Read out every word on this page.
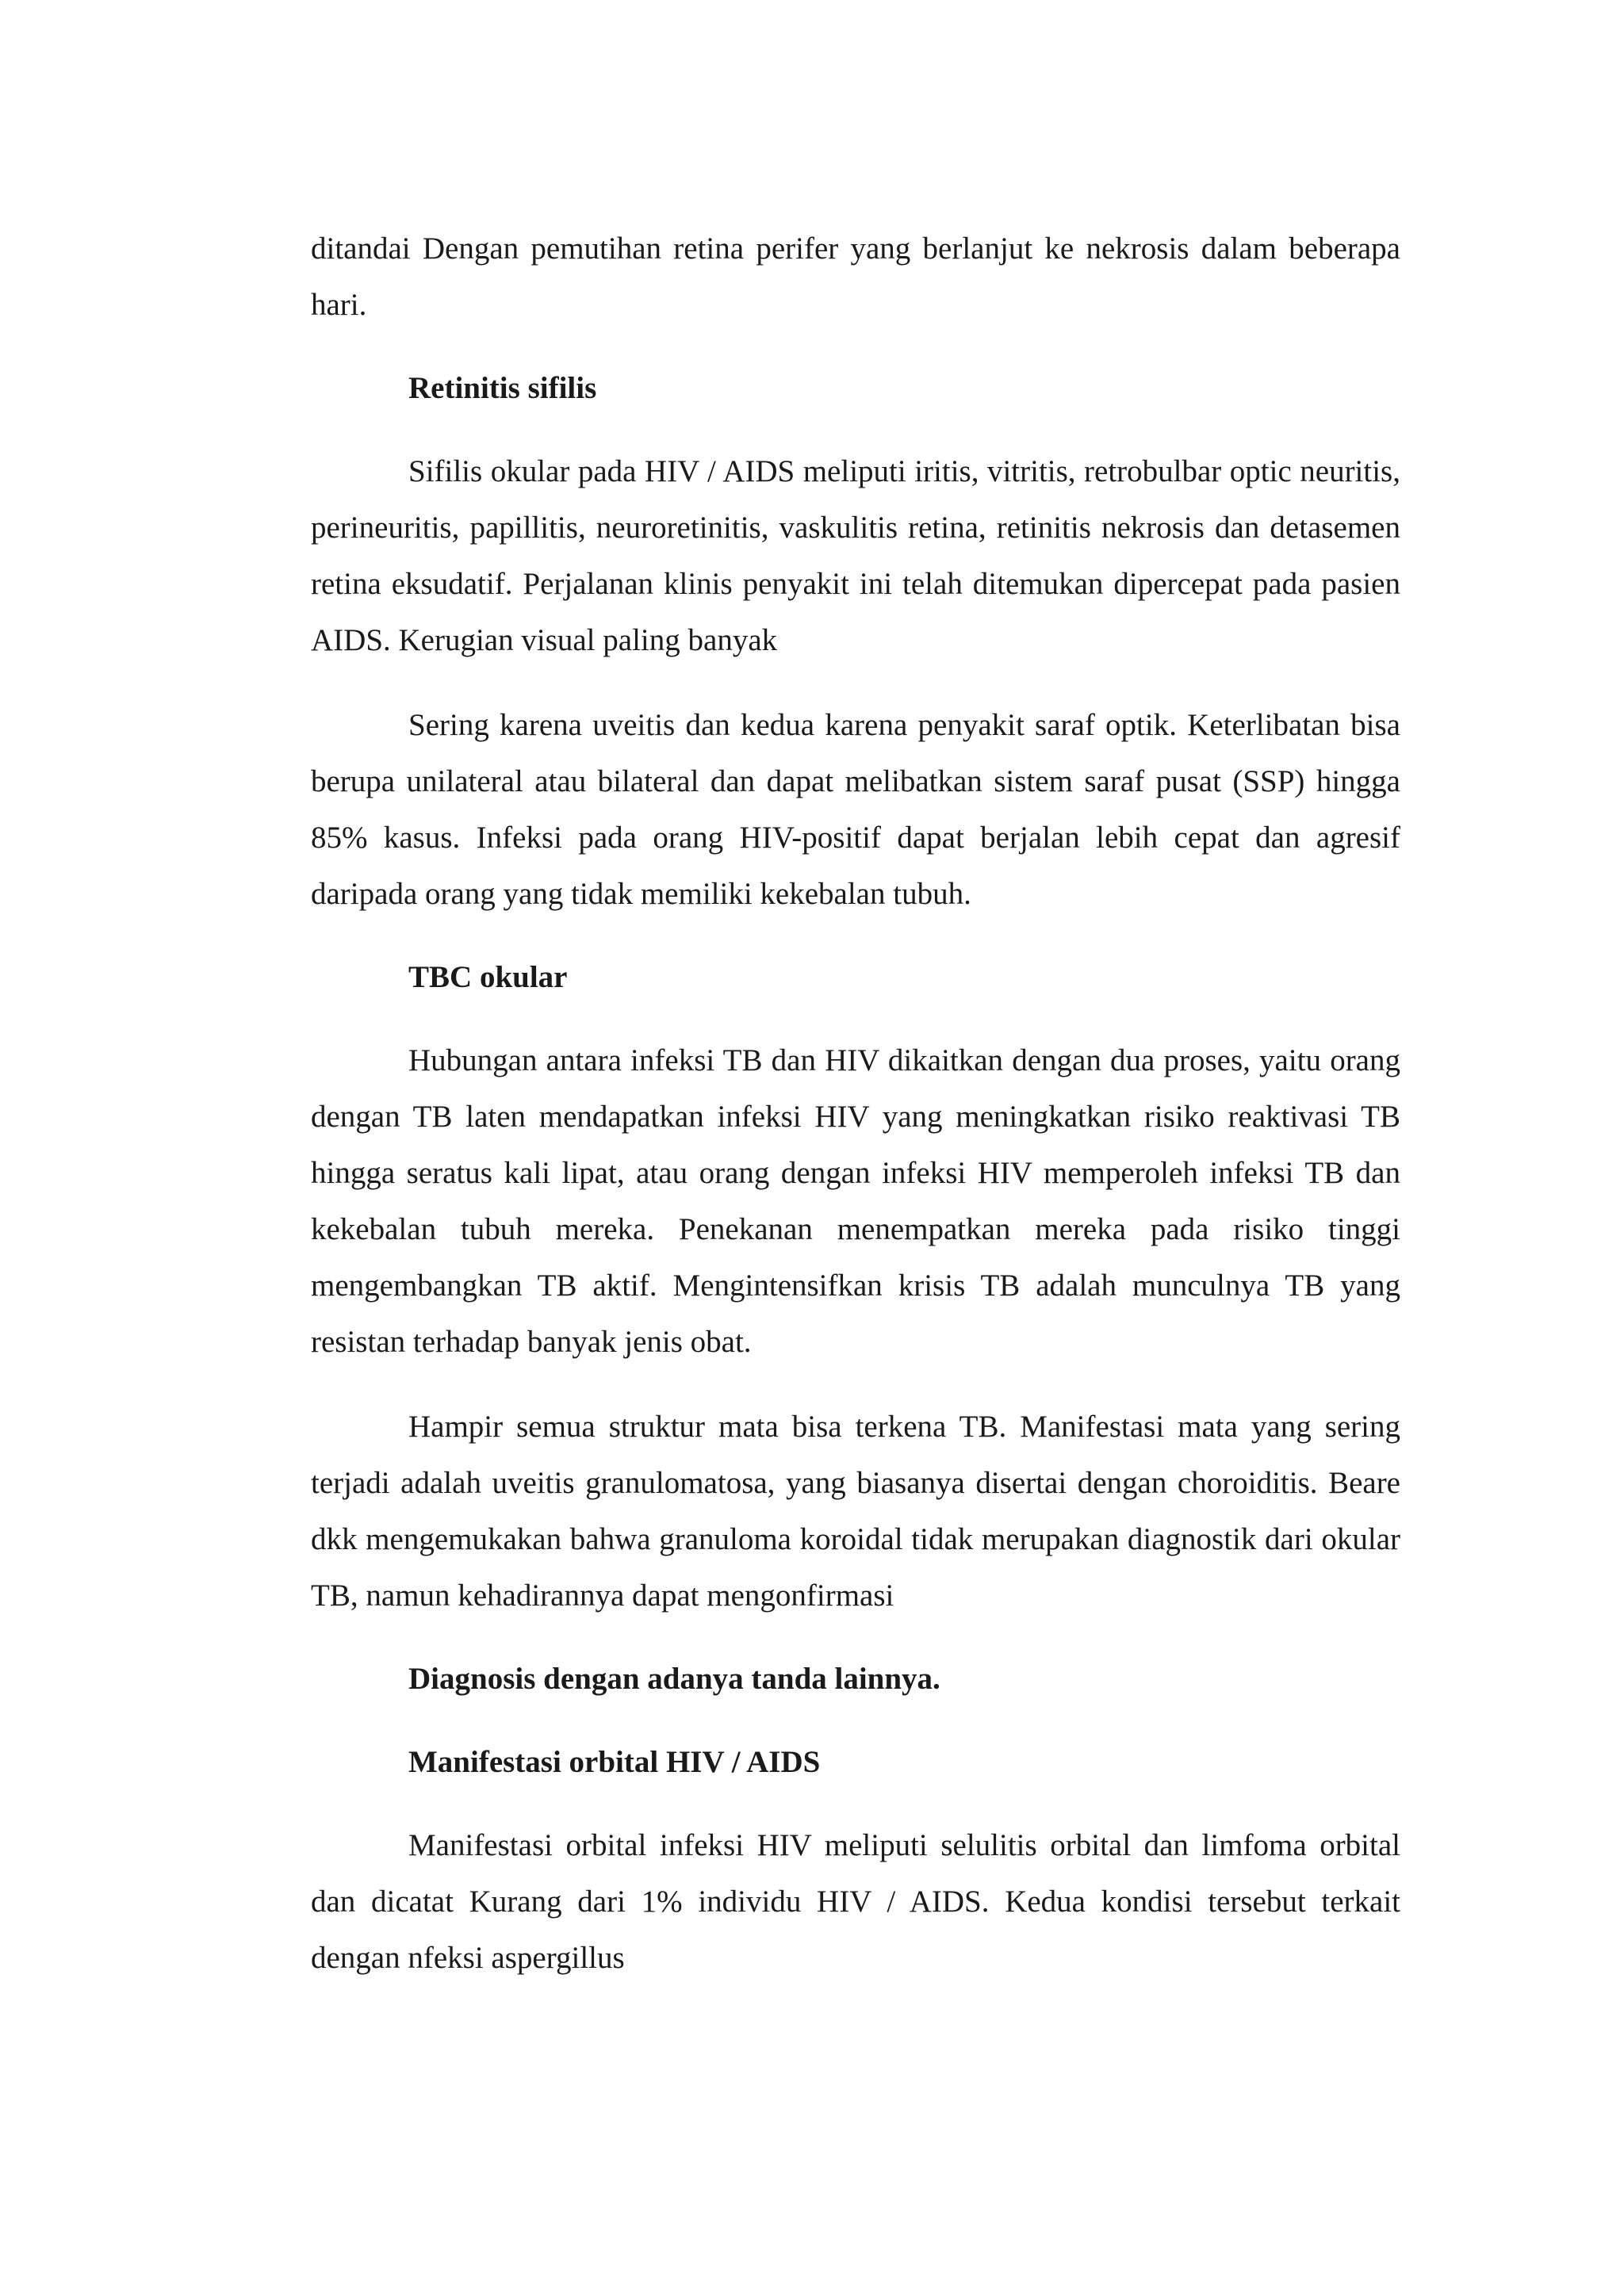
ditandai Dengan pemutihan retina perifer yang berlanjut ke nekrosis dalam beberapa hari.

Retinitis sifilis

Sifilis okular pada HIV / AIDS meliputi iritis, vitritis, retrobulbar optic neuritis, perineuritis, papillitis, neuroretinitis, vaskulitis retina, retinitis nekrosis dan detasemen retina eksudatif. Perjalanan klinis penyakit ini telah ditemukan dipercepat pada pasien AIDS. Kerugian visual paling banyak

Sering karena uveitis dan kedua karena penyakit saraf optik. Keterlibatan bisa berupa unilateral atau bilateral dan dapat melibatkan sistem saraf pusat (SSP) hingga 85% kasus. Infeksi pada orang HIV-positif dapat berjalan lebih cepat dan agresif daripada orang yang tidak memiliki kekebalan tubuh.

TBC okular

Hubungan antara infeksi TB dan HIV dikaitkan dengan dua proses, yaitu orang dengan TB laten mendapatkan infeksi HIV yang meningkatkan risiko reaktivasi TB hingga seratus kali lipat, atau orang dengan infeksi HIV memperoleh infeksi TB dan kekebalan tubuh mereka. Penekanan menempatkan mereka pada risiko tinggi mengembangkan TB aktif. Mengintensifkan krisis TB adalah munculnya TB yang resistan terhadap banyak jenis obat.

Hampir semua struktur mata bisa terkena TB. Manifestasi mata yang sering terjadi adalah uveitis granulomatosa, yang biasanya disertai dengan choroiditis. Beare dkk mengemukakan bahwa granuloma koroidal tidak merupakan diagnostik dari okular TB, namun kehadirannya dapat mengonfirmasi

Diagnosis dengan adanya tanda lainnya.
Manifestasi orbital HIV / AIDS

Manifestasi orbital infeksi HIV meliputi selulitis orbital dan limfoma orbital dan dicatat Kurang dari 1% individu HIV / AIDS. Kedua kondisi tersebut terkait dengan nfeksi aspergillus
